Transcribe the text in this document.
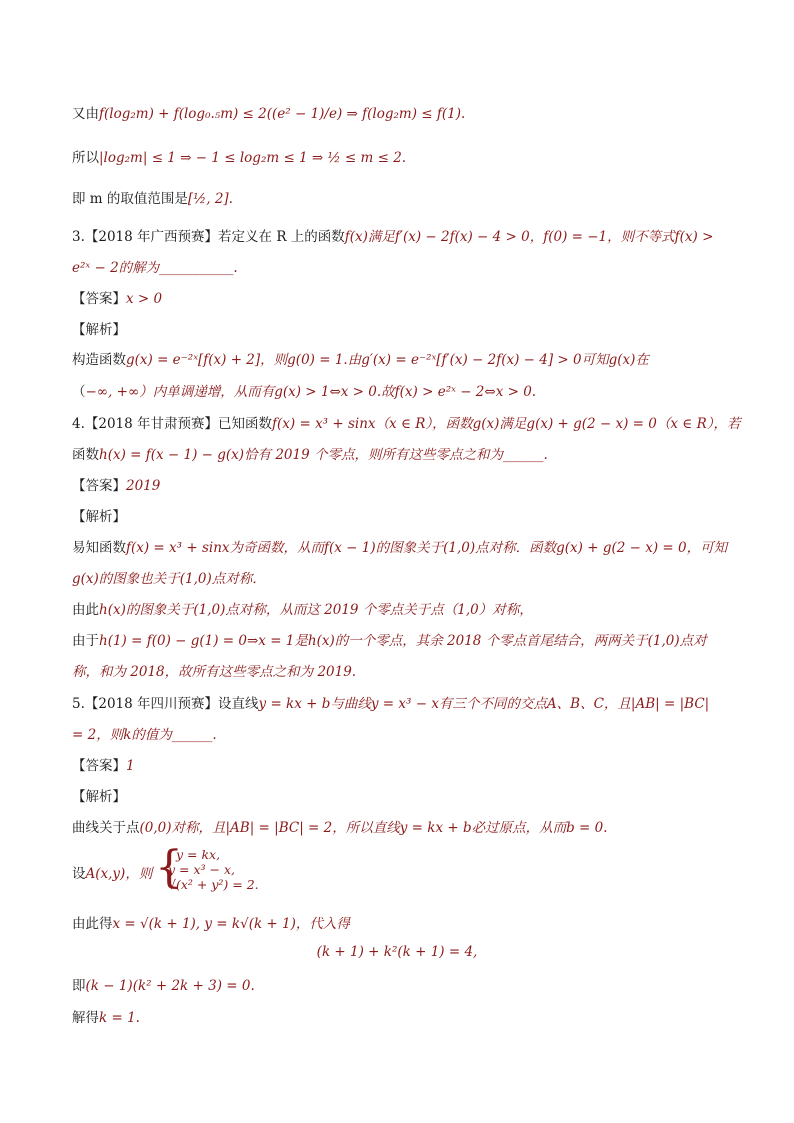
又由f(log₂m) + f(log₀.₅m) ≤ 2((e² − 1)/e) ⇒ f(log₂m) ≤ f(1).
所以|log₂m| ≤ 1 ⇒ − 1 ≤ log₂m ≤ 1 ⇒ ½ ≤ m ≤ 2.
即 m 的取值范围是[½, 2].
3.【2018 年广西预赛】若定义在 R 上的函数f(x)满足f′(x) − 2f(x) − 4 > 0，f(0) = −1，则不等式f(x) >
e²ˣ − 2的解为___________.
【答案】x > 0
【解析】
构造函数g(x) = e⁻²ˣ[f(x) + 2]，则g(0) = 1.由g′(x) = e⁻²ˣ[f′(x) − 2f(x) − 4] > 0可知g(x)在
（−∞, +∞）内单调递增，从而有g(x) > 1⇔x > 0.故f(x) > e²ˣ − 2⇔x > 0.
4.【2018 年甘肃预赛】已知函数f(x) = x³ + sinx（x ∈ R），函数g(x)满足g(x) + g(2 − x) = 0（x ∈ R），若
函数h(x) = f(x − 1) − g(x)恰有 2019 个零点，则所有这些零点之和为______.
【答案】2019
【解析】
易知函数f(x) = x³ + sinx为奇函数，从而f(x − 1)的图象关于(1,0)点对称．函数g(x) + g(2 − x) = 0，可知
g(x)的图象也关于(1,0)点对称．
由此h(x)的图象关于(1,0)点对称，从而这 2019 个零点关于点（1,0）对称，
由于h(1) = f(0) − g(1) = 0⇒x = 1是h(x)的一个零点，其余 2018 个零点首尾结合，两两关于(1,0)点对
称，和为 2018，故所有这些零点之和为 2019.
5.【2018 年四川预赛】设直线y = kx + b与曲线y = x³ − x有三个不同的交点A、B、C，且|AB| = |BC|
= 2，则k的值为______.
【答案】1
【解析】
曲线关于点(0,0)对称，且|AB| = |BC| = 2，所以直线y = kx + b必过原点，从而b = 0.
设A(x,y)，则 {
y = kx,
y = x³ − x,
√(x² + y²) = 2.
由此得x = √(k + 1), y = k√(k + 1)，代入得
(k + 1) + k²(k + 1) = 4,
即(k − 1)(k² + 2k + 3) = 0.
解得k = 1.
